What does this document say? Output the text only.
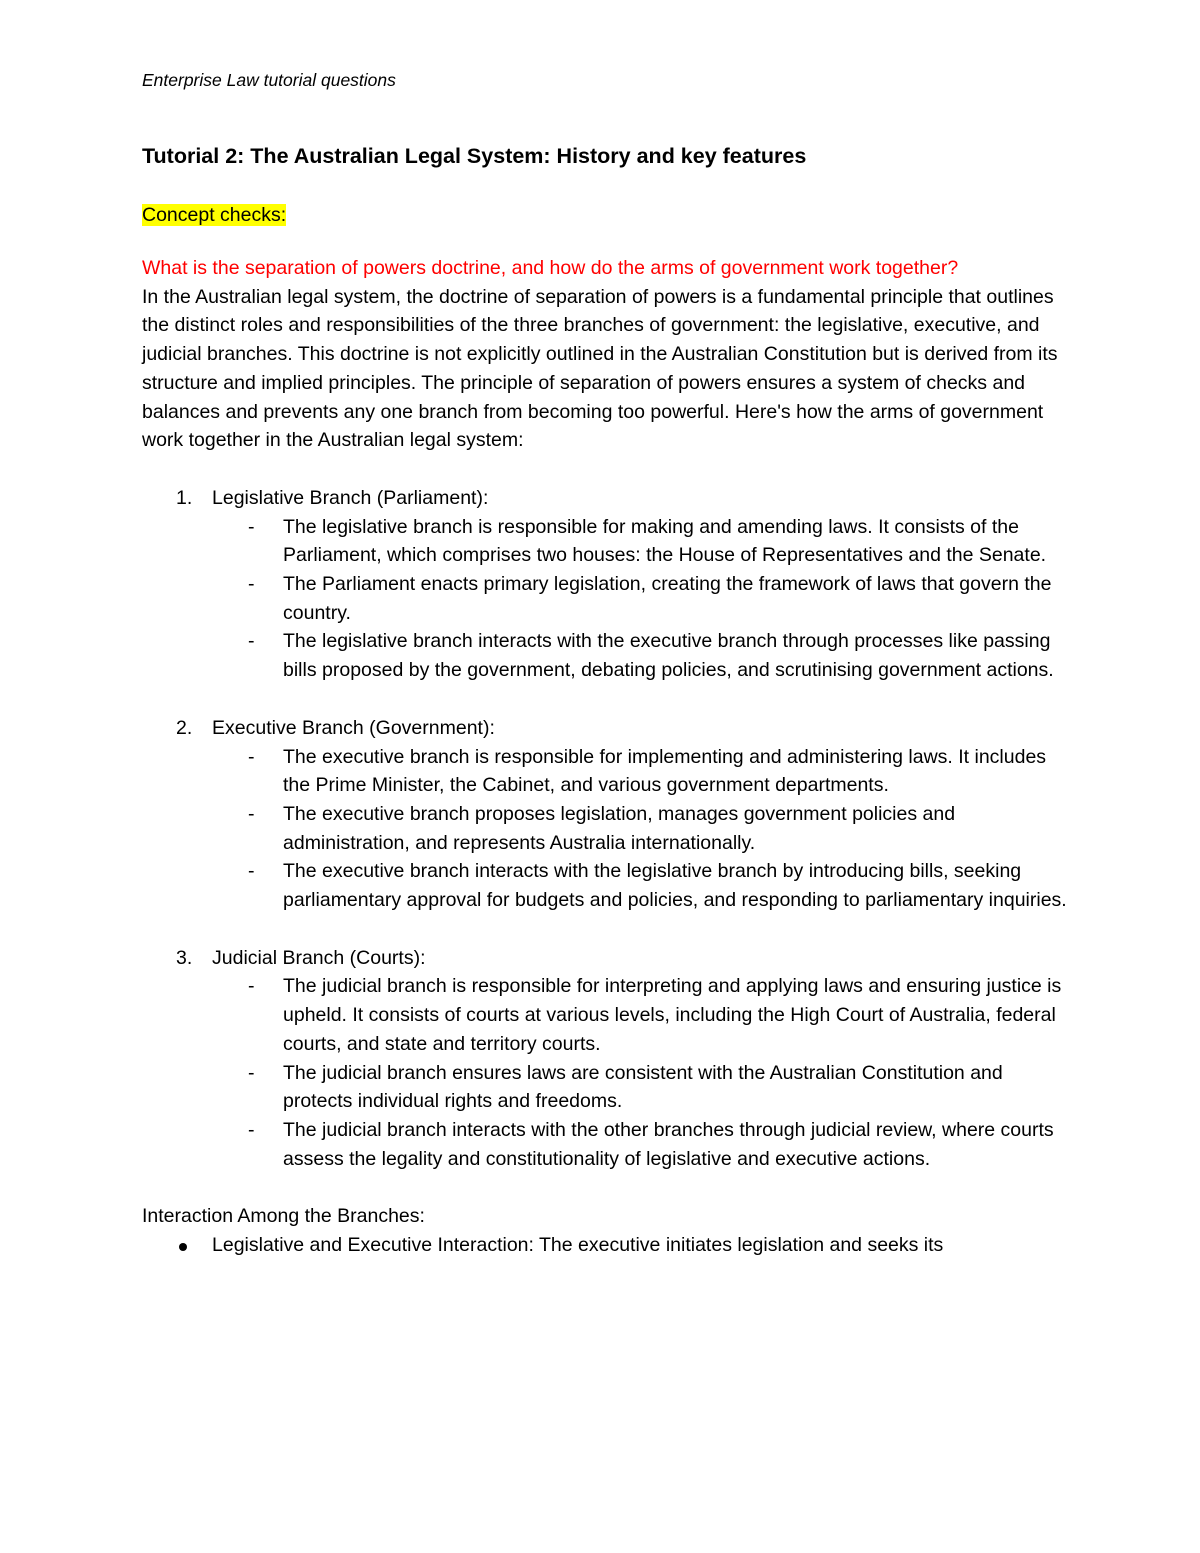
Enterprise Law tutorial questions

Tutorial 2: The Australian Legal System: History and key features

Concept checks:
What is the separation of powers doctrine, and how do the arms of government work together?

In the Australian legal system, the doctrine of separation of powers is a fundamental principle that outlines the distinct roles and responsibilities of the three branches of government: the legislative, executive, and judicial branches. This doctrine is not explicitly outlined in the Australian Constitution but is derived from its structure and implied principles. The principle of separation of powers ensures a system of checks and balances and prevents any one branch from becoming too powerful. Here's how the arms of government work together in the Australian legal system:

1. Legislative Branch (Parliament):
- The legislative branch is responsible for making and amending laws. It consists of the Parliament, which comprises two houses: the House of Representatives and the Senate.
- The Parliament enacts primary legislation, creating the framework of laws that govern the country.
- The legislative branch interacts with the executive branch through processes like passing bills proposed by the government, debating policies, and scrutinising government actions.
2. Executive Branch (Government):
- The executive branch is responsible for implementing and administering laws. It includes the Prime Minister, the Cabinet, and various government departments.
- The executive branch proposes legislation, manages government policies and administration, and represents Australia internationally.
- The executive branch interacts with the legislative branch by introducing bills, seeking parliamentary approval for budgets and policies, and responding to parliamentary inquiries.
3. Judicial Branch (Courts):
- The judicial branch is responsible for interpreting and applying laws and ensuring justice is upheld. It consists of courts at various levels, including the High Court of Australia, federal courts, and state and territory courts.
- The judicial branch ensures laws are consistent with the Australian Constitution and protects individual rights and freedoms.
- The judicial branch interacts with the other branches through judicial review, where courts assess the legality and constitutionality of legislative and executive actions.
Interaction Among the Branches:
Legislative and Executive Interaction: The executive initiates legislation and seeks its
